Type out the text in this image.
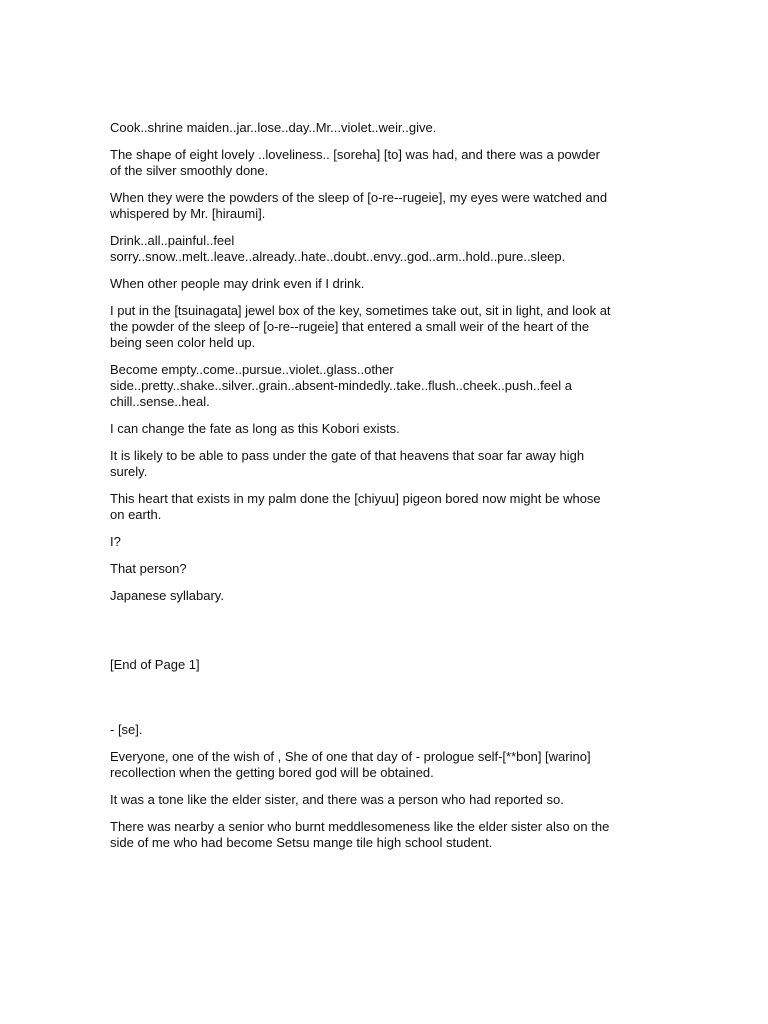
Cook..shrine maiden..jar..lose..day..Mr...violet..weir..give.

The shape of eight lovely ..loveliness.. [soreha] [to] was had, and there was a powder
of the silver smoothly done.

When they were the powders of the sleep of [o-re--rugeie], my eyes were watched and
whispered by Mr. [hiraumi].

Drink..all..painful..feel
sorry..snow..melt..leave..already..hate..doubt..envy..god..arm..hold..pure..sleep.

When other people may drink even if I drink.

I put in the [tsuinagata] jewel box of the key, sometimes take out, sit in light, and look at
the powder of the sleep of [o-re--rugeie] that entered a small weir of the heart of the
being seen color held up.

Become empty..come..pursue..violet..glass..other
side..pretty..shake..silver..grain..absent-mindedly..take..flush..cheek..push..feel a
chill..sense..heal.

I can change the fate as long as this Kobori exists.

It is likely to be able to pass under the gate of that heavens that soar far away high
surely.

This heart that exists in my palm done the [chiyuu] pigeon bored now might be whose
on earth.

I?

That person?

Japanese syllabary.

[End of Page 1]

- [se].

Everyone, one of the wish of , She of one that day of - prologue self-[**bon] [warino]
recollection when the getting bored god will be obtained.

It was a tone like the elder sister, and there was a person who had reported so.

There was nearby a senior who burnt meddlesomeness like the elder sister also on the
side of me who had become Setsu mange tile high school student.
